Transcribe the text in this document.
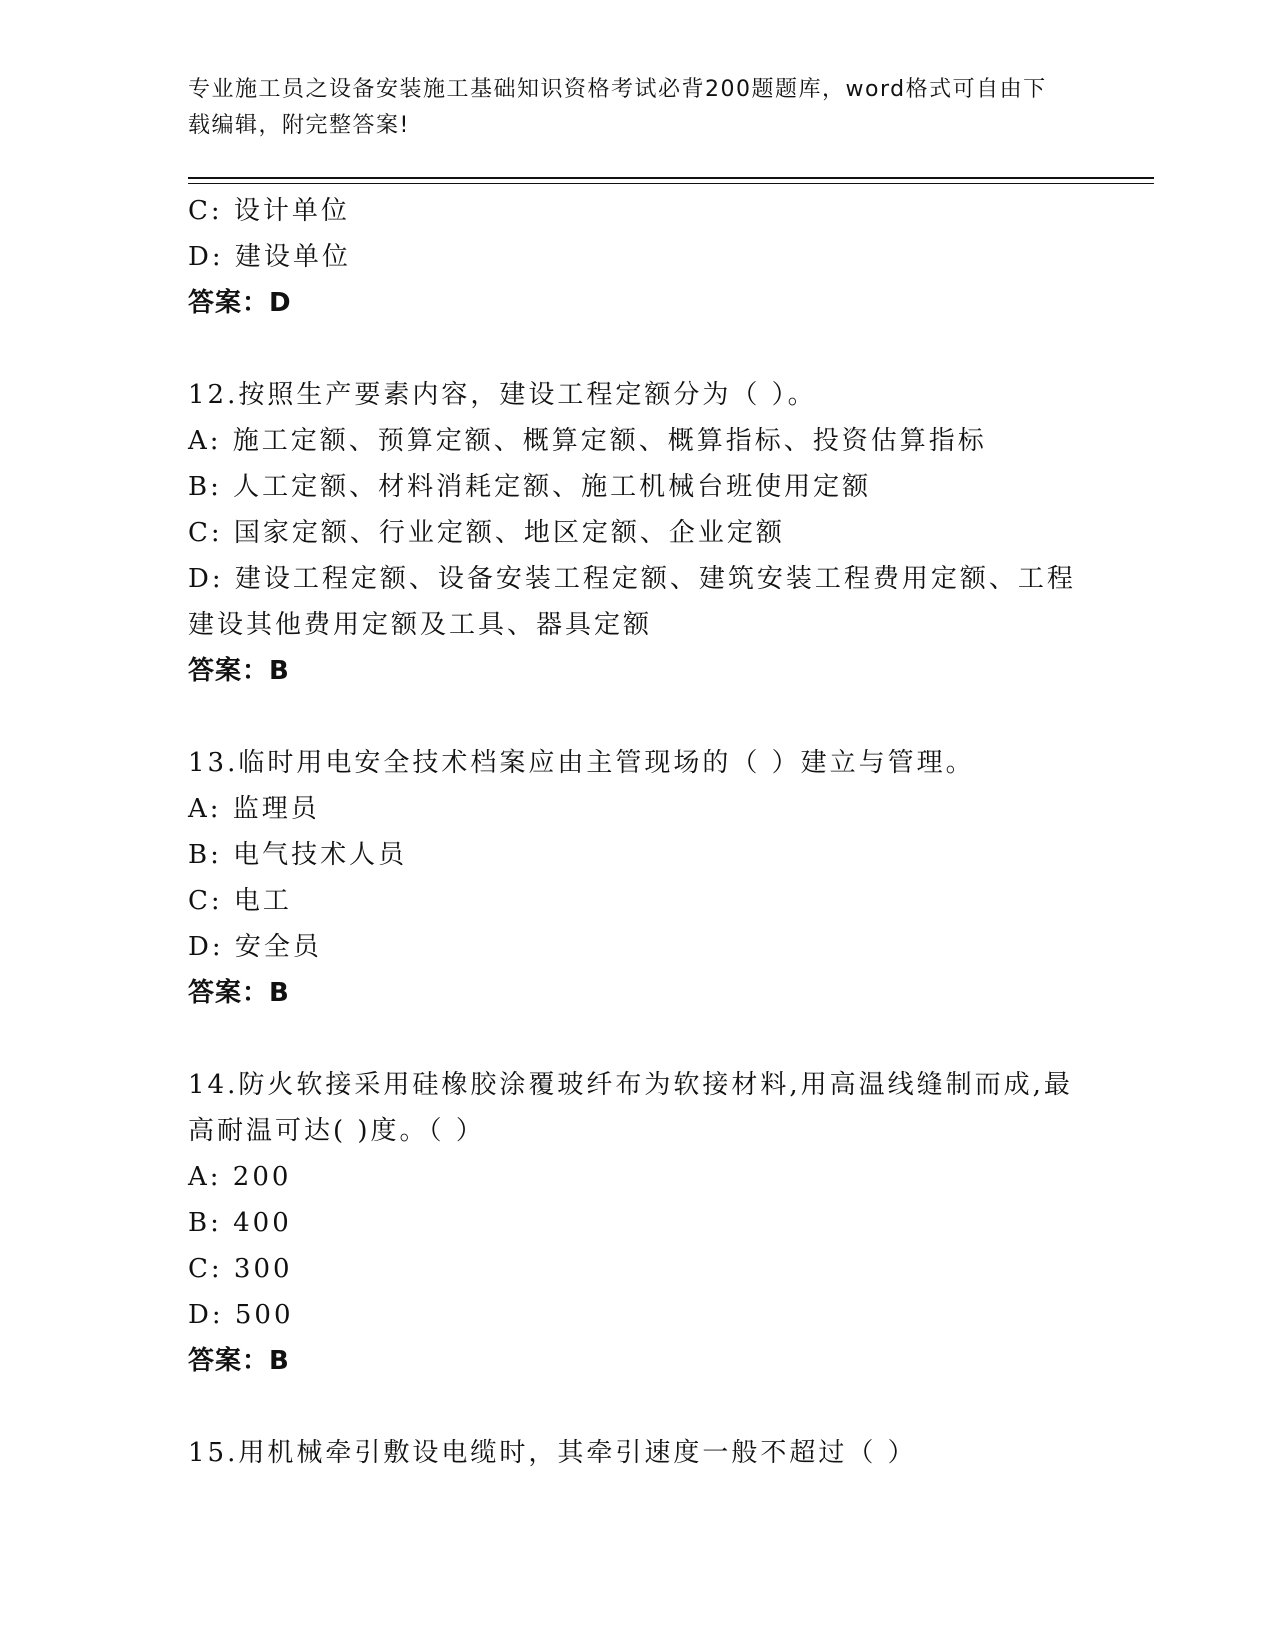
专业施工员之设备安装施工基础知识资格考试必背200题题库，word格式可自由下载编辑，附完整答案!
C: 设计单位
D: 建设单位
答案：D
12.按照生产要素内容，建设工程定额分为（ ）。
A: 施工定额、预算定额、概算定额、概算指标、投资估算指标
B: 人工定额、材料消耗定额、施工机械台班使用定额
C: 国家定额、行业定额、地区定额、企业定额
D: 建设工程定额、设备安装工程定额、建筑安装工程费用定额、工程
建设其他费用定额及工具、器具定额
答案：B
13.临时用电安全技术档案应由主管现场的（ ）建立与管理。
A: 监理员
B: 电气技术人员
C: 电工
D: 安全员
答案：B
14.防火软接采用硅橡胶涂覆玻纤布为软接材料,用高温线缝制而成,最
高耐温可达( )度。（ ）
A: 200
B: 400
C: 300
D: 500
答案：B
15.用机械牵引敷设电缆时，其牵引速度一般不超过（ ）
